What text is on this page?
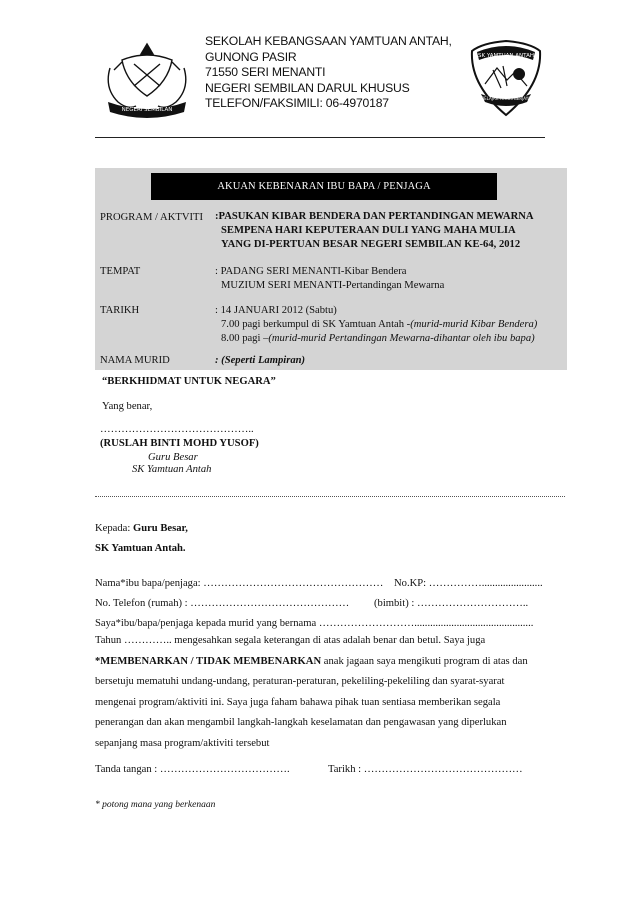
NEGERI SEMBILAN
SK YAMTUAN ANTAH
BELAJAR TERUS BERJAYA
SEKOLAH KEBANGSAAN YAMTUAN ANTAH,
GUNONG PASIR
71550 SERI MENANTI
NEGERI SEMBILAN DARUL KHUSUS
TELEFON/FAKSIMILI: 06-4970187
AKUAN KEBENARAN IBU BAPA / PENJAGA
PROGRAM / AKTVITI :PASUKAN KIBAR BENDERA DAN PERTANDINGAN MEWARNA
SEMPENA HARI KEPUTERAAN DULI YANG MAHA MULIA
YANG DI-PERTUAN BESAR NEGERI SEMBILAN KE-64, 2012
TEMPAT	: PADANG SERI MENANTI-Kibar Bendera
MUZIUM SERI MENANTI-Pertandingan Mewarna
TARIKH	: 14 JANUARI 2012 (Sabtu)
7.00 pagi berkumpul di SK Yamtuan Antah -(murid-murid Kibar Bendera)
8.00 pagi –(murid-murid Pertandingan Mewarna-dihantar oleh ibu bapa)
NAMA MURID	: (Seperti Lampiran)
“BERKHIDMAT UNTUK NEGARA”
Yang benar,
……………………………………..
(RUSLAH BINTI MOHD YUSOF)
Guru Besar
SK Yamtuan Antah
Kepada: Guru Besar,
SK Yamtuan Antah.
Nama*ibu bapa/penjaga: …………………………………………… No.KP: …………….......................
No. Telefon (rumah) : ……………………………………… (bimbit) : …………………………..
Saya*ibu/bapa/penjaga kepada murid yang bernama ……………………….............................................
Tahun ………….. mengesahkan segala keterangan di atas adalah benar dan betul. Saya juga
*MEMBENARKAN / TIDAK MEMBENARKAN anak jagaan saya mengikuti program di atas dan
bersetuju mematuhi undang-undang, peraturan-peraturan, pekeliling-pekeliling dan syarat-syarat
mengenai program/aktiviti ini. Saya juga faham bahawa pihak tuan sentiasa memberikan segala
penerangan dan akan mengambil langkah-langkah keselamatan dan pengawasan yang diperlukan
sepanjang masa program/aktiviti tersebut
Tanda tangan : ……………………………….	Tarikh : ………………………………………
* potong mana yang berkenaan
